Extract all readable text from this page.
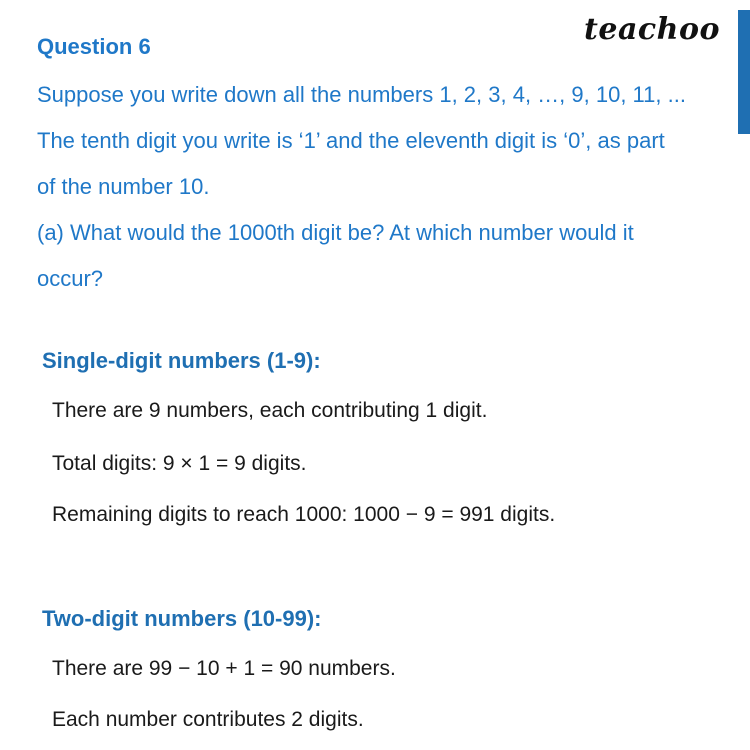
teachoo
Question 6
Suppose you write down all the numbers 1, 2, 3, 4, …, 9, 10, 11, ...
The tenth digit you write is ‘1’ and the eleventh digit is ‘0’, as part
of the number 10.
(a) What would the 1000th digit be? At which number would it
occur?
Single-digit numbers (1-9):
There are 9 numbers, each contributing 1 digit.
Total digits: 9 × 1 = 9 digits.
Remaining digits to reach 1000: 1000 − 9 = 991 digits.
Two-digit numbers (10-99):
There are 99 − 10 + 1 = 90 numbers.
Each number contributes 2 digits.
